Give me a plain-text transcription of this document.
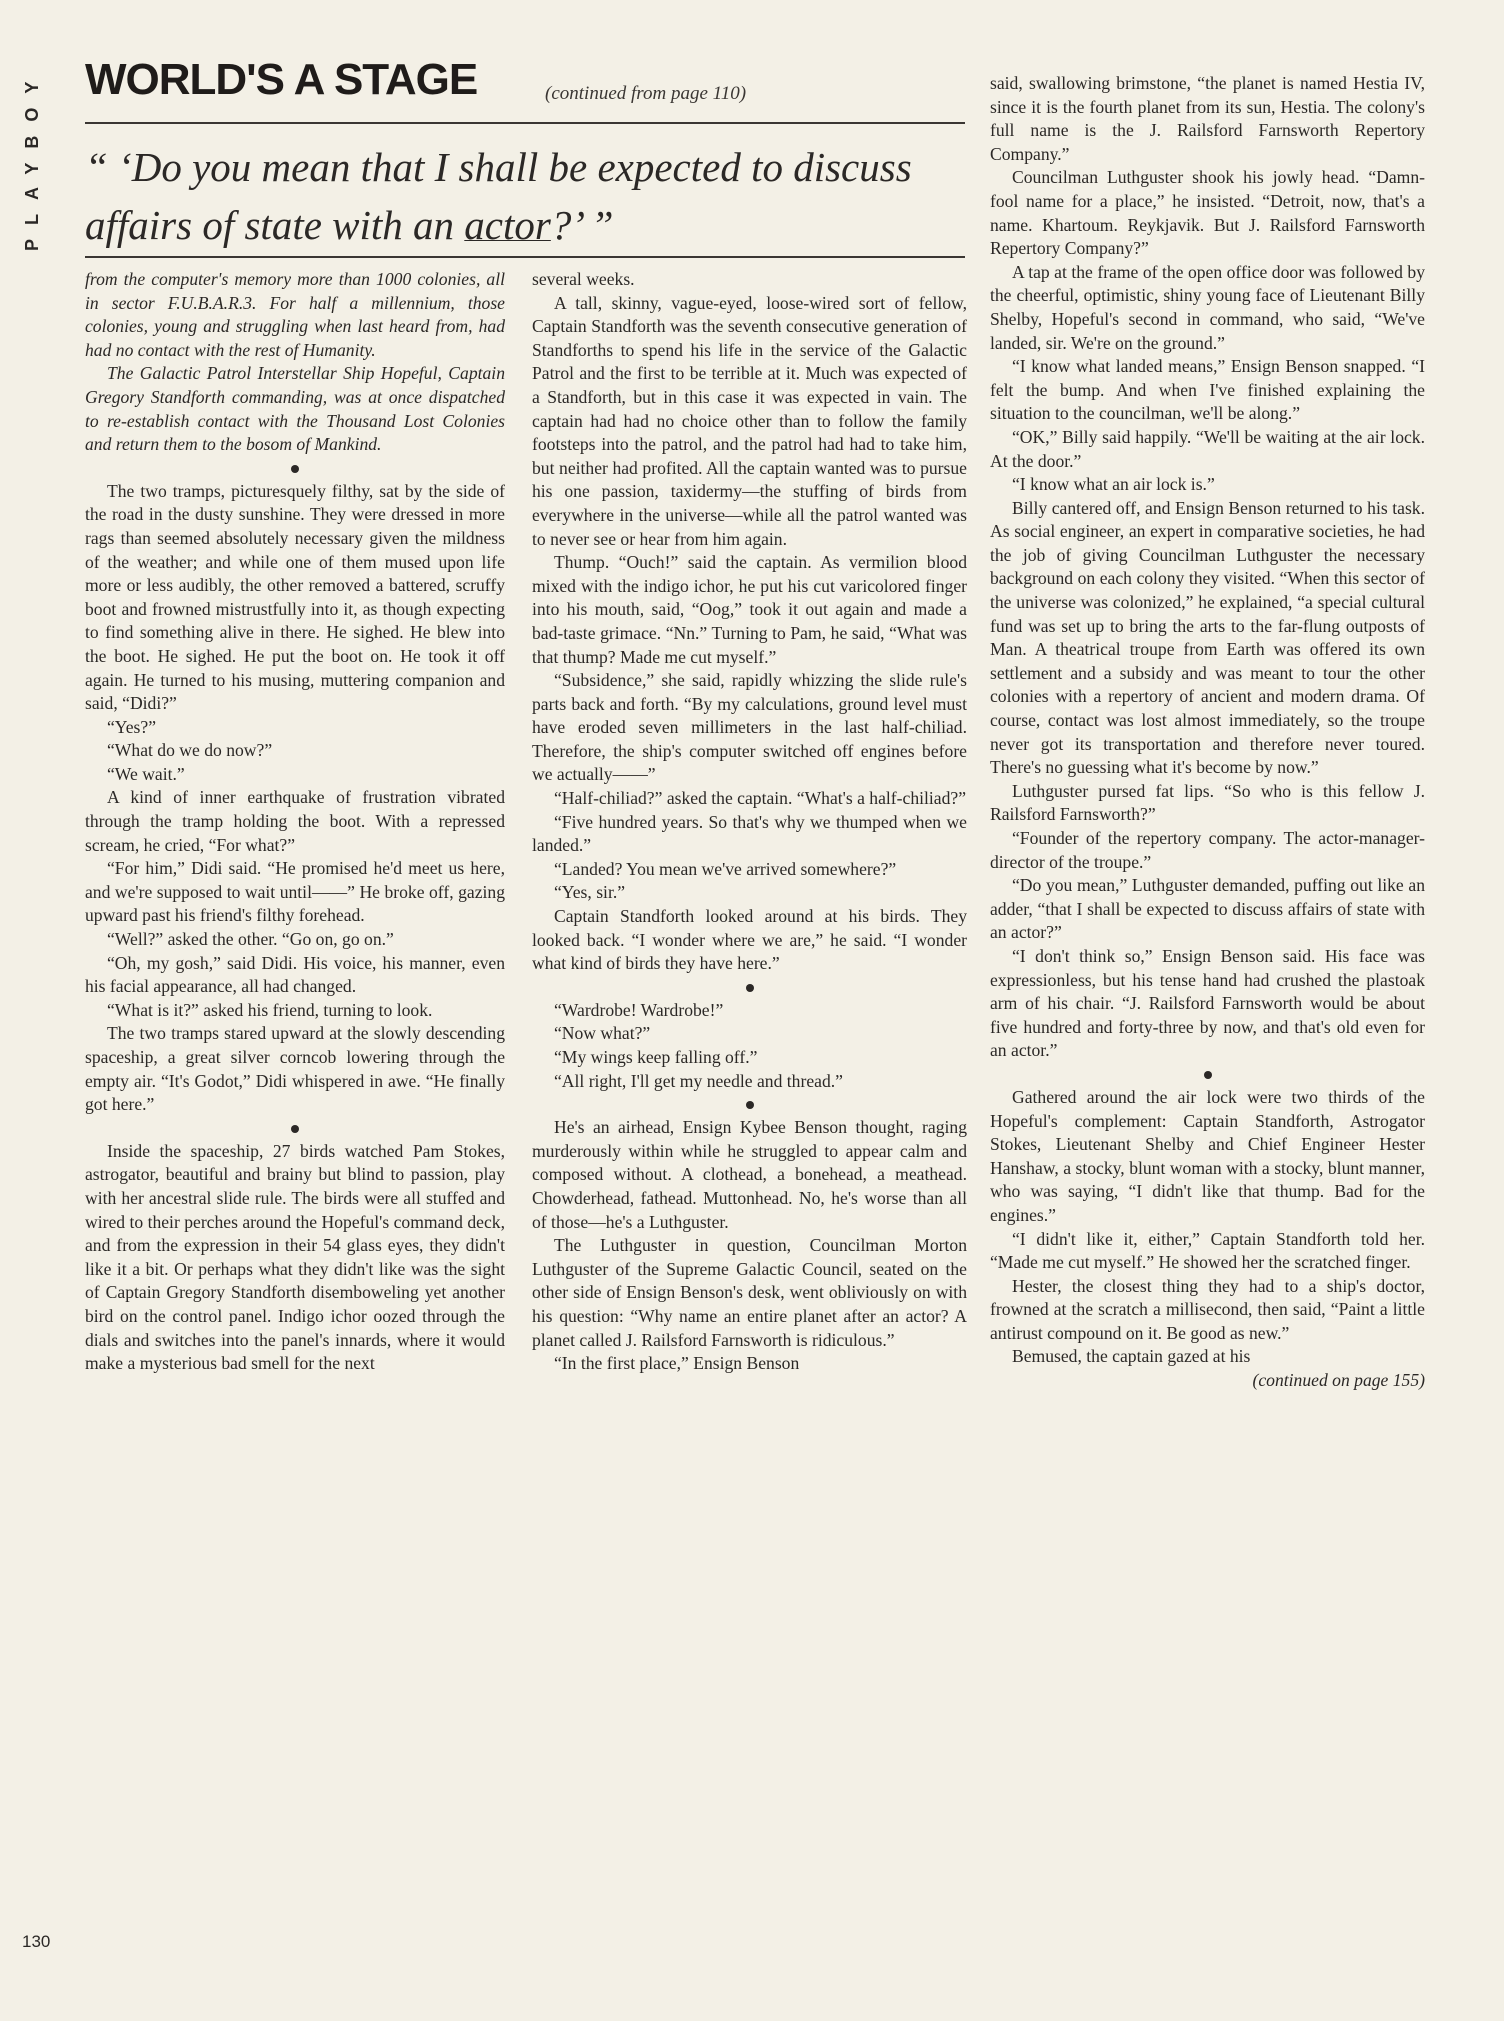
PLAYBOY WORLD'S A STAGE	(continued from page 110)
“ ‘Do you mean that I shall be expected to discuss affairs of state with an actor?’ ”

from the computer's memory more than 1000 colonies, all in sector F.U.B.A.R.3. For half a millennium, those colonies, young and struggling when last heard from, had had no contact with the rest of Humanity.

The Galactic Patrol Interstellar Ship Hopeful, Captain Gregory Standforth commanding, was at once dispatched to re-establish contact with the Thousand Lost Colonies and return them to the bosom of Mankind.

The two tramps, picturesquely filthy, sat by the side of the road in the dusty sunshine. They were dressed in more rags than seemed absolutely necessary given the mildness of the weather; and while one of them mused upon life more or less audibly, the other removed a battered, scruffy boot and frowned mistrustfully into it, as though expecting to find something alive in there. He sighed. He blew into the boot. He sighed. He put the boot on. He took it off again. He turned to his musing, muttering companion and said, “Didi?”

“Yes?”

“What do we do now?”

“We wait.”

A kind of inner earthquake of frustration vibrated through the tramp holding the boot. With a repressed scream, he cried, “For what?”

“For him,” Didi said. “He promised he'd meet us here, and we're supposed to wait until——” He broke off, gazing upward past his friend's filthy forehead.

“Well?” asked the other. “Go on, go on.”

“Oh, my gosh,” said Didi. His voice, his manner, even his facial appearance, all had changed.

“What is it?” asked his friend, turning to look.

The two tramps stared upward at the slowly descending spaceship, a great silver corncob lowering through the empty air. “It's Godot,” Didi whispered in awe. “He finally got here.”

Inside the spaceship, 27 birds watched Pam Stokes, astrogator, beautiful and brainy but blind to passion, play with her ancestral slide rule. The birds were all stuffed and wired to their perches around the Hopeful's command deck, and from the expression in their 54 glass eyes, they didn't like it a bit. Or perhaps what they didn't like was the sight of Captain Gregory Standforth disemboweling yet another bird on the control panel. Indigo ichor oozed through the dials and switches into the panel's innards, where it would make a mysterious bad smell for the next

several weeks.

A tall, skinny, vague-eyed, loose-wired sort of fellow, Captain Standforth was the seventh consecutive generation of Standforths to spend his life in the service of the Galactic Patrol and the first to be terrible at it. Much was expected of a Standforth, but in this case it was expected in vain. The captain had had no choice other than to follow the family footsteps into the patrol, and the patrol had had to take him, but neither had profited. All the captain wanted was to pursue his one passion, taxidermy—the stuffing of birds from everywhere in the universe—while all the patrol wanted was to never see or hear from him again.

Thump. “Ouch!” said the captain. As vermilion blood mixed with the indigo ichor, he put his cut varicolored finger into his mouth, said, “Oog,” took it out again and made a bad-taste grimace. “Nn.” Turning to Pam, he said, “What was that thump? Made me cut myself.”

“Subsidence,” she said, rapidly whizzing the slide rule's parts back and forth. “By my calculations, ground level must have eroded seven millimeters in the last half-chiliad. Therefore, the ship's computer switched off engines before we actually——”

“Half-chiliad?” asked the captain. “What's a half-chiliad?”

“Five hundred years. So that's why we thumped when we landed.”

“Landed? You mean we've arrived somewhere?”

“Yes, sir.”

Captain Standforth looked around at his birds. They looked back. “I wonder where we are,” he said. “I wonder what kind of birds they have here.”

“Wardrobe! Wardrobe!”

“Now what?”

“My wings keep falling off.”

“All right, I'll get my needle and thread.”

He's an airhead, Ensign Kybee Benson thought, raging murderously within while he struggled to appear calm and composed without. A clothead, a bonehead, a meathead. Chowderhead, fathead. Muttonhead. No, he's worse than all of those—he's a Luthguster.

The Luthguster in question, Councilman Morton Luthguster of the Supreme Galactic Council, seated on the other side of Ensign Benson's desk, went obliviously on with his question: “Why name an entire planet after an actor? A planet called J. Railsford Farnsworth is ridiculous.”

“In the first place,” Ensign Benson

said, swallowing brimstone, “the planet is named Hestia IV, since it is the fourth planet from its sun, Hestia. The colony's full name is the J. Railsford Farnsworth Repertory Company.”

Councilman Luthguster shook his jowly head. “Damn-fool name for a place,” he insisted. “Detroit, now, that's a name. Khartoum. Reykjavik. But J. Railsford Farnsworth Repertory Company?”

A tap at the frame of the open office door was followed by the cheerful, optimistic, shiny young face of Lieutenant Billy Shelby, Hopeful's second in command, who said, “We've landed, sir. We're on the ground.”

“I know what landed means,” Ensign Benson snapped. “I felt the bump. And when I've finished explaining the situation to the councilman, we'll be along.”

“OK,” Billy said happily. “We'll be waiting at the air lock. At the door.”

“I know what an air lock is.”

Billy cantered off, and Ensign Benson returned to his task. As social engineer, an expert in comparative societies, he had the job of giving Councilman Luthguster the necessary background on each colony they visited. “When this sector of the universe was colonized,” he explained, “a special cultural fund was set up to bring the arts to the far-flung outposts of Man. A theatrical troupe from Earth was offered its own settlement and a subsidy and was meant to tour the other colonies with a repertory of ancient and modern drama. Of course, contact was lost almost immediately, so the troupe never got its transportation and therefore never toured. There's no guessing what it's become by now.”

Luthguster pursed fat lips. “So who is this fellow J. Railsford Farnsworth?”

“Founder of the repertory company. The actor-manager-director of the troupe.”

“Do you mean,” Luthguster demanded, puffing out like an adder, “that I shall be expected to discuss affairs of state with an actor?”

“I don't think so,” Ensign Benson said. His face was expressionless, but his tense hand had crushed the plastoak arm of his chair. “J. Railsford Farnsworth would be about five hundred and forty-three by now, and that's old even for an actor.”

Gathered around the air lock were two thirds of the Hopeful's complement: Captain Standforth, Astrogator Stokes, Lieutenant Shelby and Chief Engineer Hester Hanshaw, a stocky, blunt woman with a stocky, blunt manner, who was saying, “I didn't like that thump. Bad for the engines.”

“I didn't like it, either,” Captain Standforth told her. “Made me cut myself.” He showed her the scratched finger.

Hester, the closest thing they had to a ship's doctor, frowned at the scratch a millisecond, then said, “Paint a little antirust compound on it. Be good as new.”

Bemused, the captain gazed at his

(continued on page 155)

130
